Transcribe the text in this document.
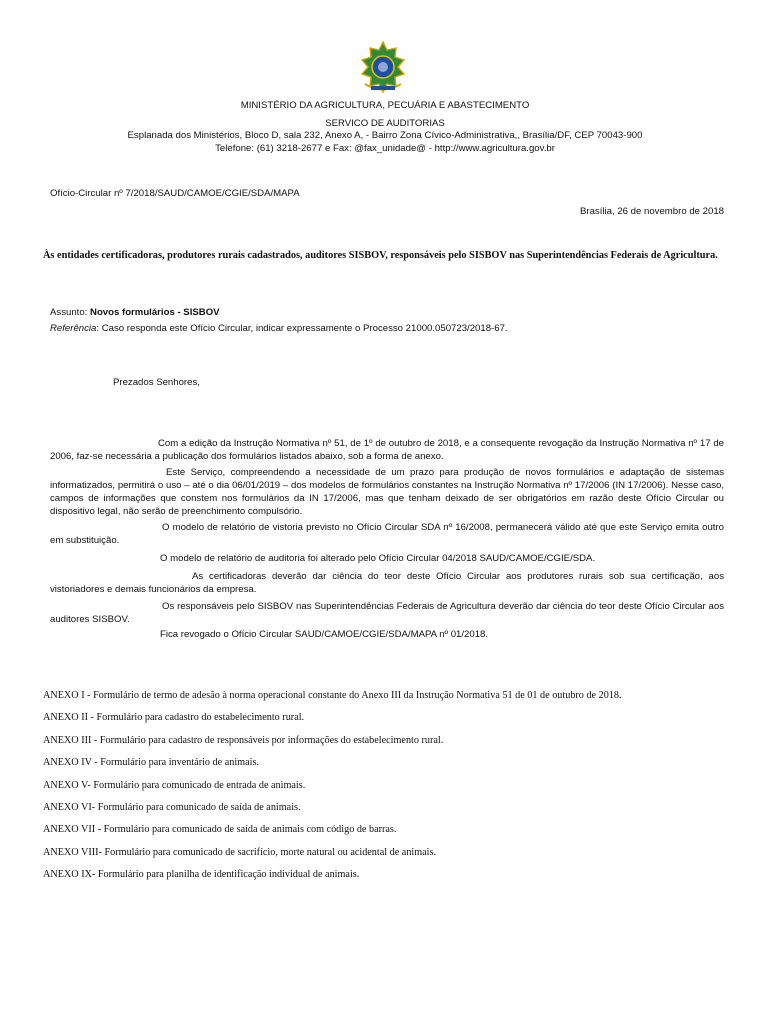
MINISTÉRIO DA AGRICULTURA, PECUÁRIA E ABASTECIMENTO
SERVICO DE AUDITORIAS
Esplanada dos Ministérios, Bloco D, sala 232, Anexo A, - Bairro Zona Cívico-Administrativa,, Brasília/DF, CEP 70043-900
Telefone: (61) 3218-2677 e Fax: @fax_unidade@ - http://www.agricultura.gov.br
Ofício-Circular nº 7/2018/SAUD/CAMOE/CGIE/SDA/MAPA
Brasília, 26 de novembro de 2018
Às entidades certificadoras, produtores rurais cadastrados, auditores SISBOV, responsáveis pelo SISBOV nas Superintendências Federais de Agricultura.
Assunto: Novos formulários - SISBOV
Referência: Caso responda este Ofício Circular, indicar expressamente o Processo 21000.050723/2018-67.
Prezados Senhores,
Com a edição da Instrução Normativa nº 51, de 1º de outubro de 2018, e a consequente revogação da Instrução Normativa nº 17 de 2006, faz-se necessária a publicação dos formulários listados abaixo, sob a forma de anexo.
Este Serviço, compreendendo a necessidade de um prazo para produção de novos formulários e adaptação de sistemas informatizados, permitirá o uso – até o dia 06/01/2019 – dos modelos de formulários constantes na Instrução Normativa nº 17/2006 (IN 17/2006). Nesse caso, campos de informações que constem nos formulários da IN 17/2006, mas que tenham deixado de ser obrigatórios em razão deste Ofício Circular ou dispositivo legal, não serão de preenchimento compulsório.
O modelo de relatório de vistoria previsto no Ofício Circular SDA nº 16/2008, permanecerá válido até que este Serviço emita outro em substituição.
O modelo de relatório de auditoria foi alterado pelo Ofício Circular 04/2018 SAUD/CAMOE/CGIE/SDA.
As certificadoras deverão dar ciência do teor deste Ofício Circular aos produtores rurais sob sua certificação, aos vistoriadores e demais funcionários da empresa.
Os responsáveis pelo SISBOV nas Superintendências Federais de Agricultura deverão dar ciência do teor deste Ofício Circular aos auditores SISBOV.
Fica revogado o Ofício Circular SAUD/CAMOE/CGIE/SDA/MAPA nº 01/2018.
ANEXO I - Formulário de termo de adesão à norma operacional constante do Anexo III da Instrução Normativa 51 de 01 de outubro de 2018.
ANEXO II - Formulário para cadastro do estabelecimento rural.
ANEXO III - Formulário para cadastro de responsáveis por informações do estabelecimento rural.
ANEXO IV - Formulário para inventário de animais.
ANEXO V- Formulário para comunicado de entrada de animais.
ANEXO VI- Formulário para comunicado de saída de animais.
ANEXO VII - Formulário para comunicado de saída de animais com código de barras.
ANEXO VIII- Formulário para comunicado de sacrifício, morte natural ou acidental de animais.
ANEXO IX- Formulário para planilha de identificação individual de animais.
